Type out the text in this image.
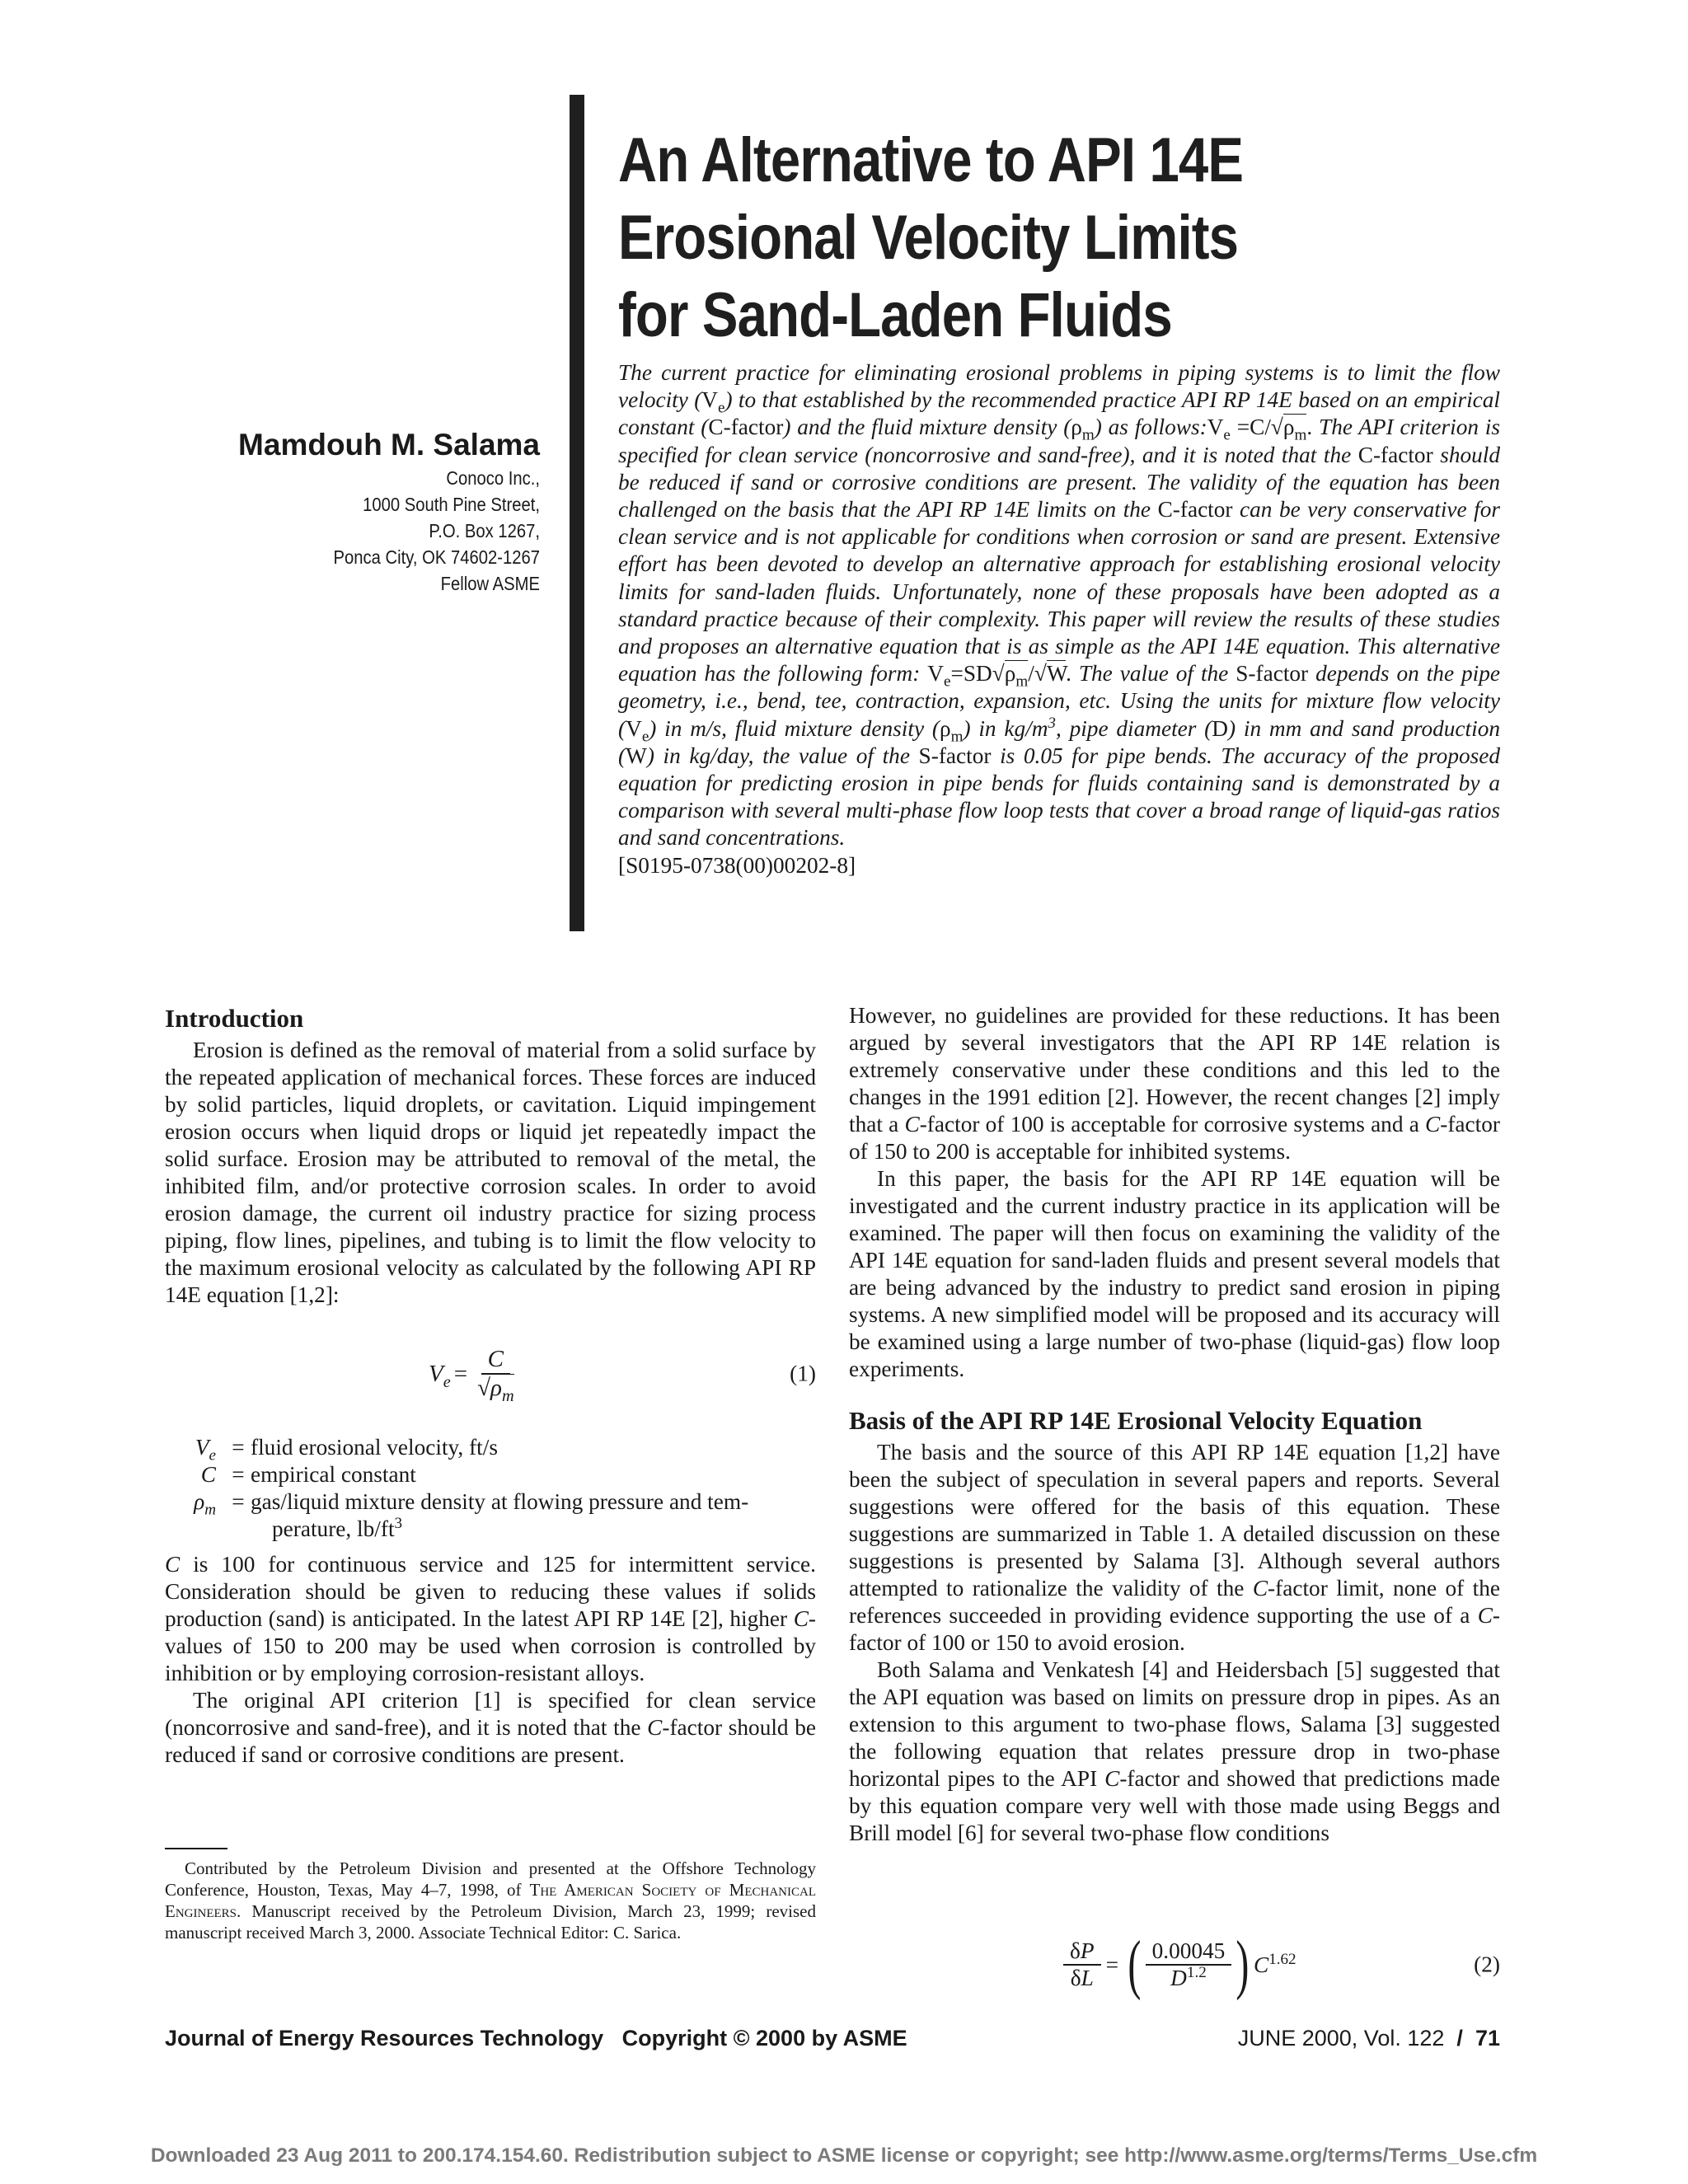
An Alternative to API 14E
Erosional Velocity Limits
for Sand-Laden Fluids
Mamdouh M. Salama
Conoco Inc.,
1000 South Pine Street,
P.O. Box 1267,
Ponca City, OK 74602-1267
Fellow ASME
The current practice for eliminating erosional problems in piping systems is to limit the flow velocity $(V_e)$ to that established by the recommended practice API RP 14E based on an empirical constant (C-factor) and the fluid mixture density $(\rho_m)$ as $follows:V_e =C/√\rho_m$. The API criterion is specified for clean service (noncorrosive and sand-free), and it is noted that the C-factor should be reduced if sand or corrosive conditions are present. The validity of the equation has been challenged on the basis that the API RP 14E limits on the C-factor can be very conservative for clean service and is not applicable for conditions when corrosion or sand are present. Extensive effort has been devoted to develop an alternative approach for establishing erosional velocity limits for sand-laden fluids. Unfortunately, none of these proposals have been adopted as a standard practice because of their complexity. This paper will review the results of these studies and proposes an alternative equation that is as simple as the API 14E equation. This alternative equation has the following form: $V_e=SD√\rho_m/√W$. The value of the S-factor depends on the pipe geometry, i.e., bend, tee, contraction, expansion, etc. Using the units for mixture flow velocity $(V_e)$ in m/s, fluid mixture density $(\rho_m)$ in $kg/m^3$, pipe diameter (D) in mm and sand production (W) in kg/day, the value of the S-factor is 0.05 for pipe bends. The accuracy of the proposed equation for predicting erosion in pipe bends for fluids containing sand is demonstrated by a comparison with several multi-phase flow loop tests that cover a broad range of liquid-gas ratios and sand concentrations.
[S0195-0738(00)00202-8]
Introduction

Erosion is defined as the removal of material from a solid surface by the repeated application of mechanical forces. These forces are induced by solid particles, liquid droplets, or cavitation. Liquid impingement erosion occurs when liquid drops or liquid jet repeatedly impact the solid surface. Erosion may be attributed to removal of the metal, the inhibited film, and/or protective corrosion scales. In order to avoid erosion damage, the current oil industry practice for sizing process piping, flow lines, pipelines, and tubing is to limit the flow velocity to the maximum erosional velocity as calculated by the following API RP 14E equation [1,2]:

$V_e = \frac{C}{√\rho_m}$	(1)
$V_e$	=	fluid erosional velocity, ft/s
C	=	empirical constant
$\rho_m$	=	gas/liquid mixture density at flowing pressure and tem-
perature, $lb/ft^3$

C is 100 for continuous service and 125 for intermittent service. Consideration should be given to reducing these values if solids production (sand) is anticipated. In the latest API RP 14E [2], higher C-values of 150 to 200 may be used when corrosion is controlled by inhibition or by employing corrosion-resistant alloys.

The original API criterion [1] is specified for clean service (noncorrosive and sand-free), and it is noted that the C-factor should be reduced if sand or corrosive conditions are present.

Contributed by the Petroleum Division and presented at the Offshore Technology Conference, Houston, Texas, May 4–7, 1998, of The American Society of Mechanical Engineers. Manuscript received by the Petroleum Division, March 23, 1999; revised manuscript received March 3, 2000. Associate Technical Editor: C. Sarica.

However, no guidelines are provided for these reductions. It has been argued by several investigators that the API RP 14E relation is extremely conservative under these conditions and this led to the changes in the 1991 edition [2]. However, the recent changes [2] imply that a C-factor of 100 is acceptable for corrosive systems and a C-factor of 150 to 200 is acceptable for inhibited systems.

In this paper, the basis for the API RP 14E equation will be investigated and the current industry practice in its application will be examined. The paper will then focus on examining the validity of the API 14E equation for sand-laden fluids and present several models that are being advanced by the industry to predict sand erosion in piping systems. A new simplified model will be proposed and its accuracy will be examined using a large number of two-phase (liquid-gas) flow loop experiments.

Basis of the API RP 14E Erosional Velocity Equation

The basis and the source of this API RP 14E equation [1,2] have been the subject of speculation in several papers and reports. Several suggestions were offered for the basis of this equation. These suggestions are summarized in Table 1. A detailed discussion on these suggestions is presented by Salama [3]. Although several authors attempted to rationalize the validity of the C-factor limit, none of the references succeeded in providing evidence supporting the use of a C-factor of 100 or 150 to avoid erosion.

Both Salama and Venkatesh [4] and Heidersbach [5] suggested that the API equation was based on limits on pressure drop in pipes. As an extension to this argument to two-phase flows, Salama [3] suggested the following equation that relates pressure drop in two-phase horizontal pipes to the API C-factor and showed that predictions made by this equation compare very well with those made using Beggs and Brill model [6] for several two-phase flow conditions

$\frac{\delta P}{\delta L}$ = ( $\frac{0.00045}{D^{1.2}}$ ) $C^{1.62}$	(2)
Journal of Energy Resources Technology Copyright © 2000 by ASME	JUNE 2000, Vol. 122 / 71
Downloaded 23 Aug 2011 to 200.174.154.60. Redistribution subject to ASME license or copyright; see http://www.asme.org/terms/Terms_Use.cfm
